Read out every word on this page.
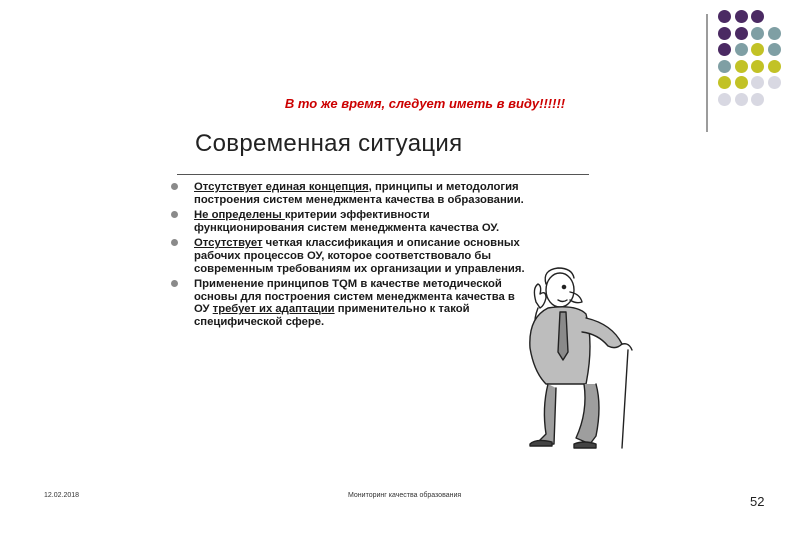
В то же время, следует иметь в виду!!!!!!
Современная ситуация
Отсутствует единая концепция, принципы и методология построения систем менеджмента качества в образовании.
Не определены критерии эффективности функционирования систем менеджмента качества ОУ.
Отсутствует четкая классификация и описание основных рабочих процессов ОУ, которое соответствовало бы современным требованиям их организации и управления.
Применение принципов TQM в качестве методической основы для построения систем менеджмента качества в ОУ требует их адаптации применительно к такой специфической сфере.
12.02.2018	Мониторинг качества образования	52
